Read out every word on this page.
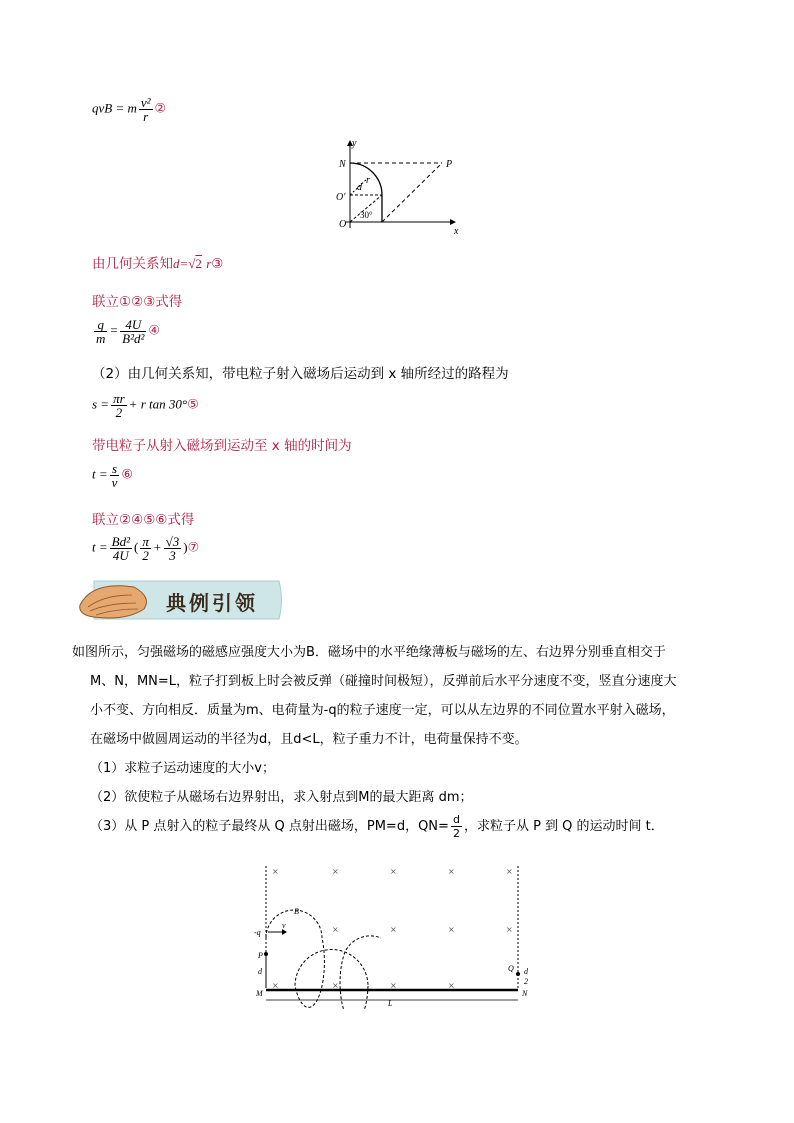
qvB = m $\frac{\text{v²}}{r}$ ②
y
x
N	P
O'
O
d
r
30°
由几何关系知d=√2 r③
联立①②③式得
$\frac{q}{m} = \frac{4U}{\text{B²d²}}$ ④
（2）由几何关系知，带电粒子射入磁场后运动到 x 轴所经过的路程为
$s = \frac{\pi r}{2} + r$ tan 30°⑤
带电粒子从射入磁场到运动至 x 轴的时间为
$t = \frac{s}{v}$ ⑥
联立②④⑤⑥式得
$t = \frac{\text{Bd²}}{4U}$ ( $\frac{\pi}{2} + \frac{√3}{3}$ )⑦
典例引领
如图所示，匀强磁场的磁感应强度大小为B．磁场中的水平绝缘薄板与磁场的左、右边界分别垂直相交于
M、N，MN=L，粒子打到板上时会被反弹（碰撞时间极短），反弹前后水平分速度不变，竖直分速度大
小不变、方向相反．质量为m、电荷量为-q的粒子速度一定，可以从左边界的不同位置水平射入磁场，
在磁场中做圆周运动的半径为d，且d<L，粒子重力不计，电荷量保持不变。
（1）求粒子运动速度的大小v；
（2）欲使粒子从磁场右边界射出，求入射点到M的最大距离 dm；
（3）从 P 点射入的粒子最终从 Q 点射出磁场，PM=d，$QN= \frac{d}{2}$ ，求粒子从 P 到 Q 的运动时间 t．
×	×	×	×	×
×	×	×	×
×	×	×	×
B
-q
v
P
d
M
Q
N
L
d
2
